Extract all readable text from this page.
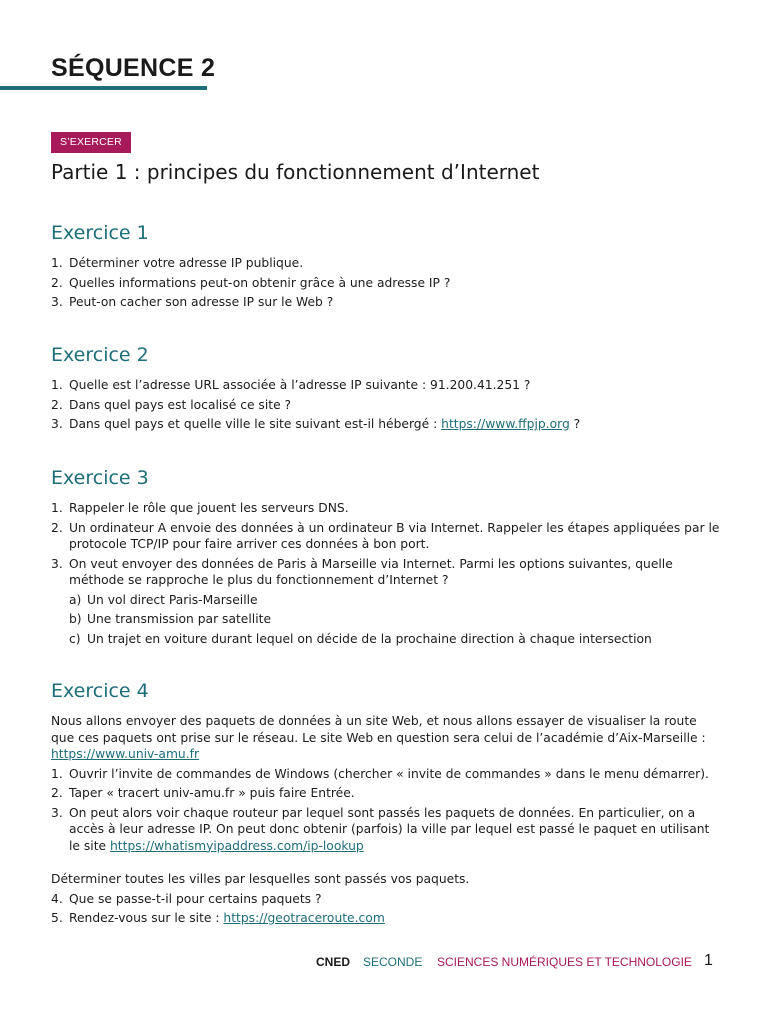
SÉQUENCE 2
S’EXERCER
Partie 1 : principes du fonctionnement d’Internet
Exercice 1
1. Déterminer votre adresse IP publique.
2. Quelles informations peut-on obtenir grâce à une adresse IP ?
3. Peut-on cacher son adresse IP sur le Web ?
Exercice 2
1. Quelle est l’adresse URL associée à l’adresse IP suivante : 91.200.41.251 ?
2. Dans quel pays est localisé ce site ?
3. Dans quel pays et quelle ville le site suivant est-il hébergé : https://www.ffpjp.org ?
Exercice 3
1. Rappeler le rôle que jouent les serveurs DNS.
2. Un ordinateur A envoie des données à un ordinateur B via Internet. Rappeler les étapes appliquées par le protocole TCP/IP pour faire arriver ces données à bon port.
3. On veut envoyer des données de Paris à Marseille via Internet. Parmi les options suivantes, quelle méthode se rapproche le plus du fonctionnement d’Internet ?
a) Un vol direct Paris-Marseille
b) Une transmission par satellite
c) Un trajet en voiture durant lequel on décide de la prochaine direction à chaque intersection
Exercice 4

Nous allons envoyer des paquets de données à un site Web, et nous allons essayer de visualiser la route que ces paquets ont prise sur le réseau. Le site Web en question sera celui de l’académie d’Aix-Marseille : https://www.univ-amu.fr

1. Ouvrir l’invite de commandes de Windows (chercher « invite de commandes » dans le menu démarrer).
2. Taper « tracert univ-amu.fr » puis faire Entrée.
3. On peut alors voir chaque routeur par lequel sont passés les paquets de données. En particulier, on a accès à leur adresse IP. On peut donc obtenir (parfois) la ville par lequel est passé le paquet en utilisant le site https://whatismyipaddress.com/ip-lookup

Déterminer toutes les villes par lesquelles sont passés vos paquets.

4. Que se passe-t-il pour certains paquets ?
5. Rendez-vous sur le site : https://geotraceroute.com
CNED SECONDE SCIENCES NUMÉRIQUES ET TECHNOLOGIE 1
